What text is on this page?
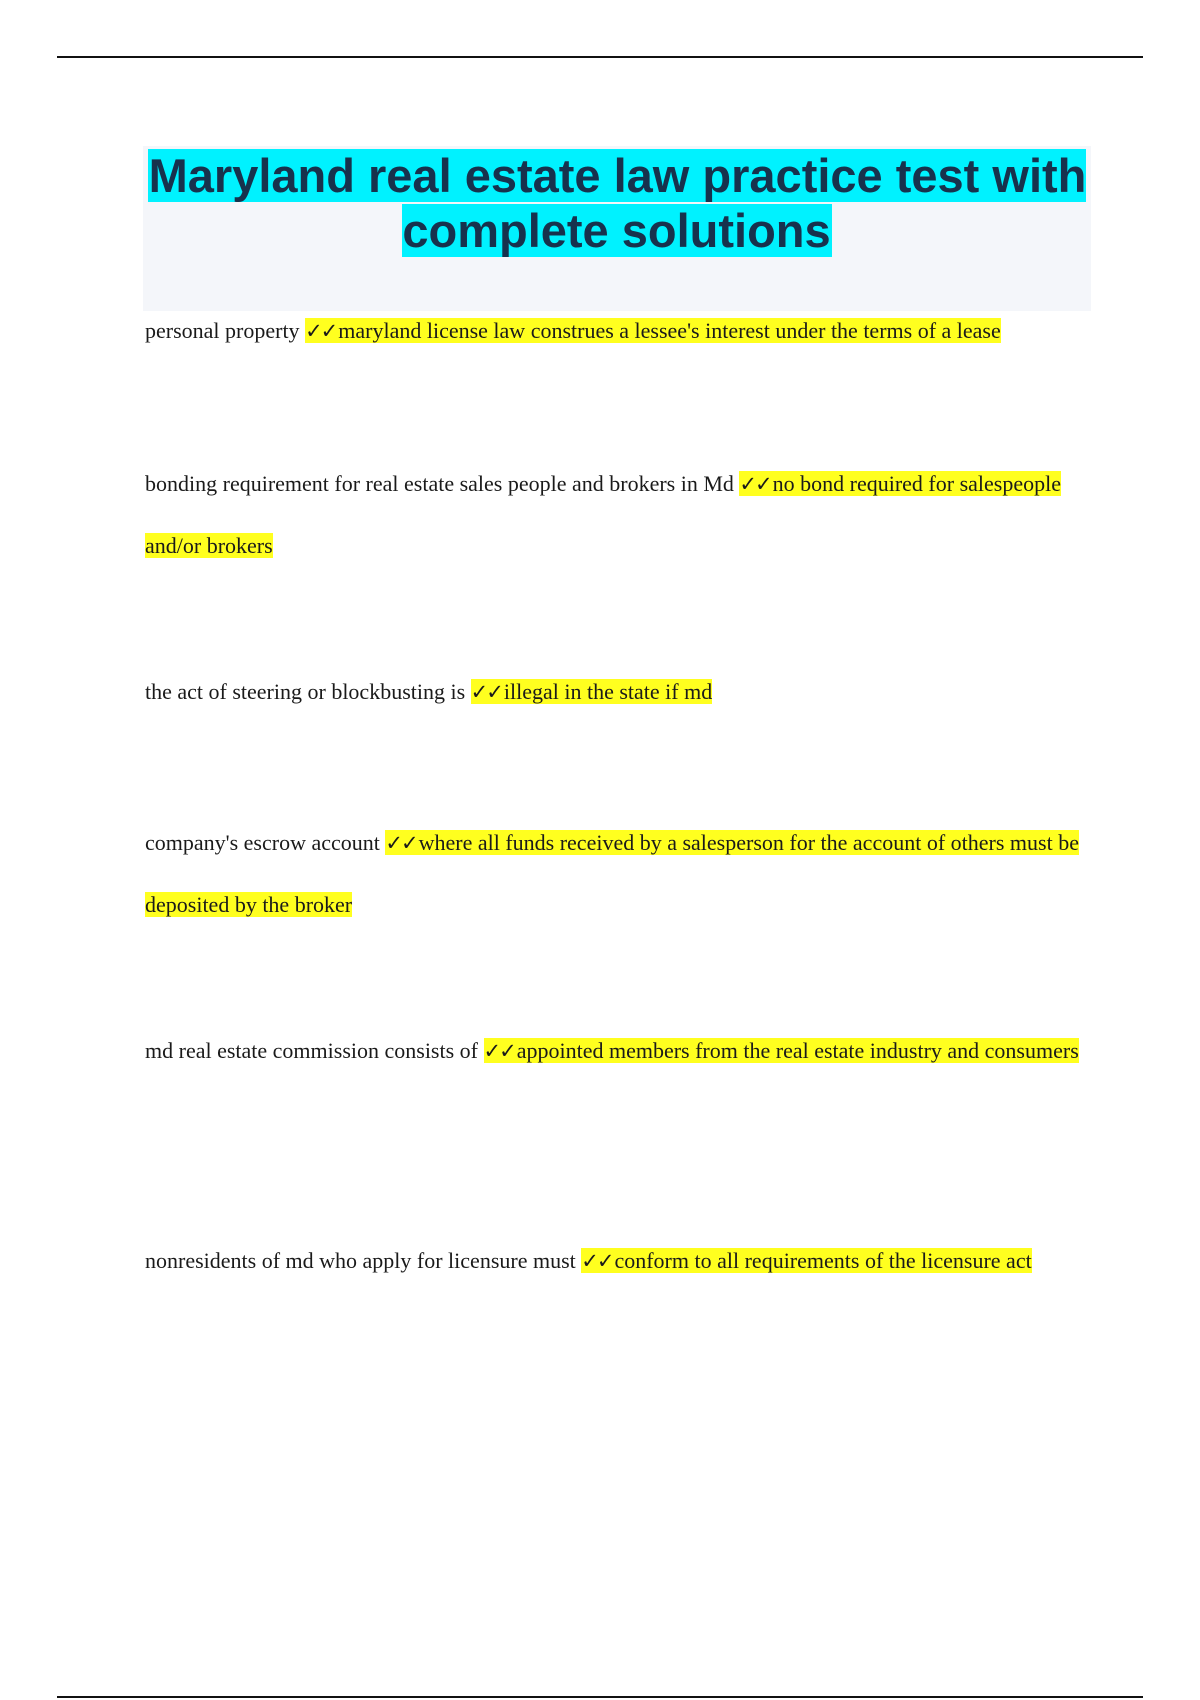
Maryland real estate law practice test with complete solutions

personal property ✓✓maryland license law construes a lessee's interest under the terms of a lease

bonding requirement for real estate sales people and brokers in Md ✓✓no bond required for salespeople and/or brokers

the act of steering or blockbusting is ✓✓illegal in the state if md

company's escrow account ✓✓where all funds received by a salesperson for the account of others must be deposited by the broker

md real estate commission consists of ✓✓appointed members from the real estate industry and consumers

nonresidents of md who apply for licensure must ✓✓conform to all requirements of the licensure act
